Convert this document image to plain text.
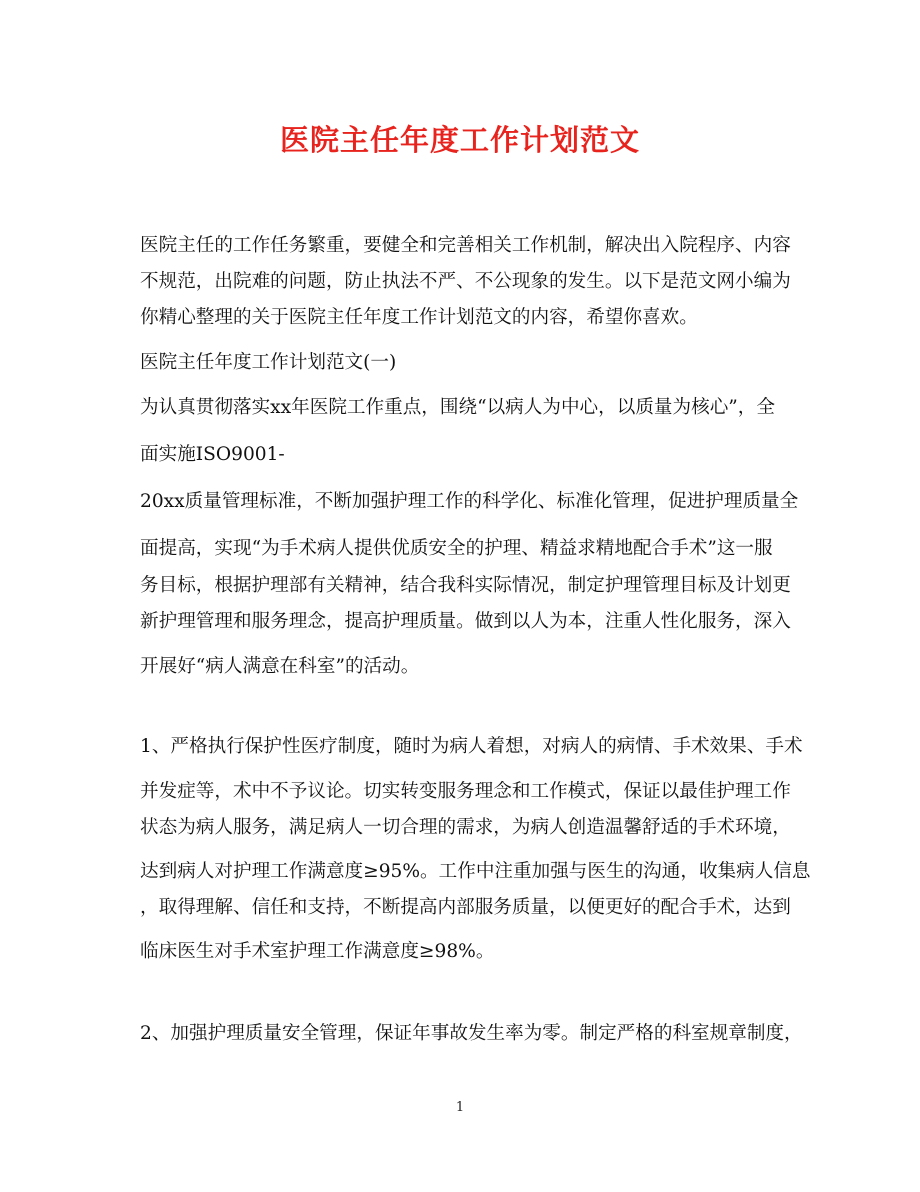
医院主任年度工作计划范文
医院主任的工作任务繁重，要健全和完善相关工作机制，解决出入院程序、内容
不规范，出院难的问题，防止执法不严、不公现象的发生。以下是范文网小编为
你精心整理的关于医院主任年度工作计划范文的内容，希望你喜欢。
医院主任年度工作计划范文(一)
为认真贯彻落实xx年医院工作重点，围绕“以病人为中心，以质量为核心”，全
面实施ISO9001-
20xx质量管理标准，不断加强护理工作的科学化、标准化管理，促进护理质量全
面提高，实现“为手术病人提供优质安全的护理、精益求精地配合手术”这一服
务目标，根据护理部有关精神，结合我科实际情况，制定护理管理目标及计划更
新护理管理和服务理念，提高护理质量。做到以人为本，注重人性化服务，深入
开展好“病人满意在科室”的活动。
1、严格执行保护性医疗制度，随时为病人着想，对病人的病情、手术效果、手术
并发症等，术中不予议论。切实转变服务理念和工作模式，保证以最佳护理工作
状态为病人服务，满足病人一切合理的需求，为病人创造温馨舒适的手术环境，
达到病人对护理工作满意度≥95%。工作中注重加强与医生的沟通，收集病人信息
，取得理解、信任和支持，不断提高内部服务质量，以便更好的配合手术，达到
临床医生对手术室护理工作满意度≥98%。
2、加强护理质量安全管理，保证年事故发生率为零。制定严格的科室规章制度，
1
